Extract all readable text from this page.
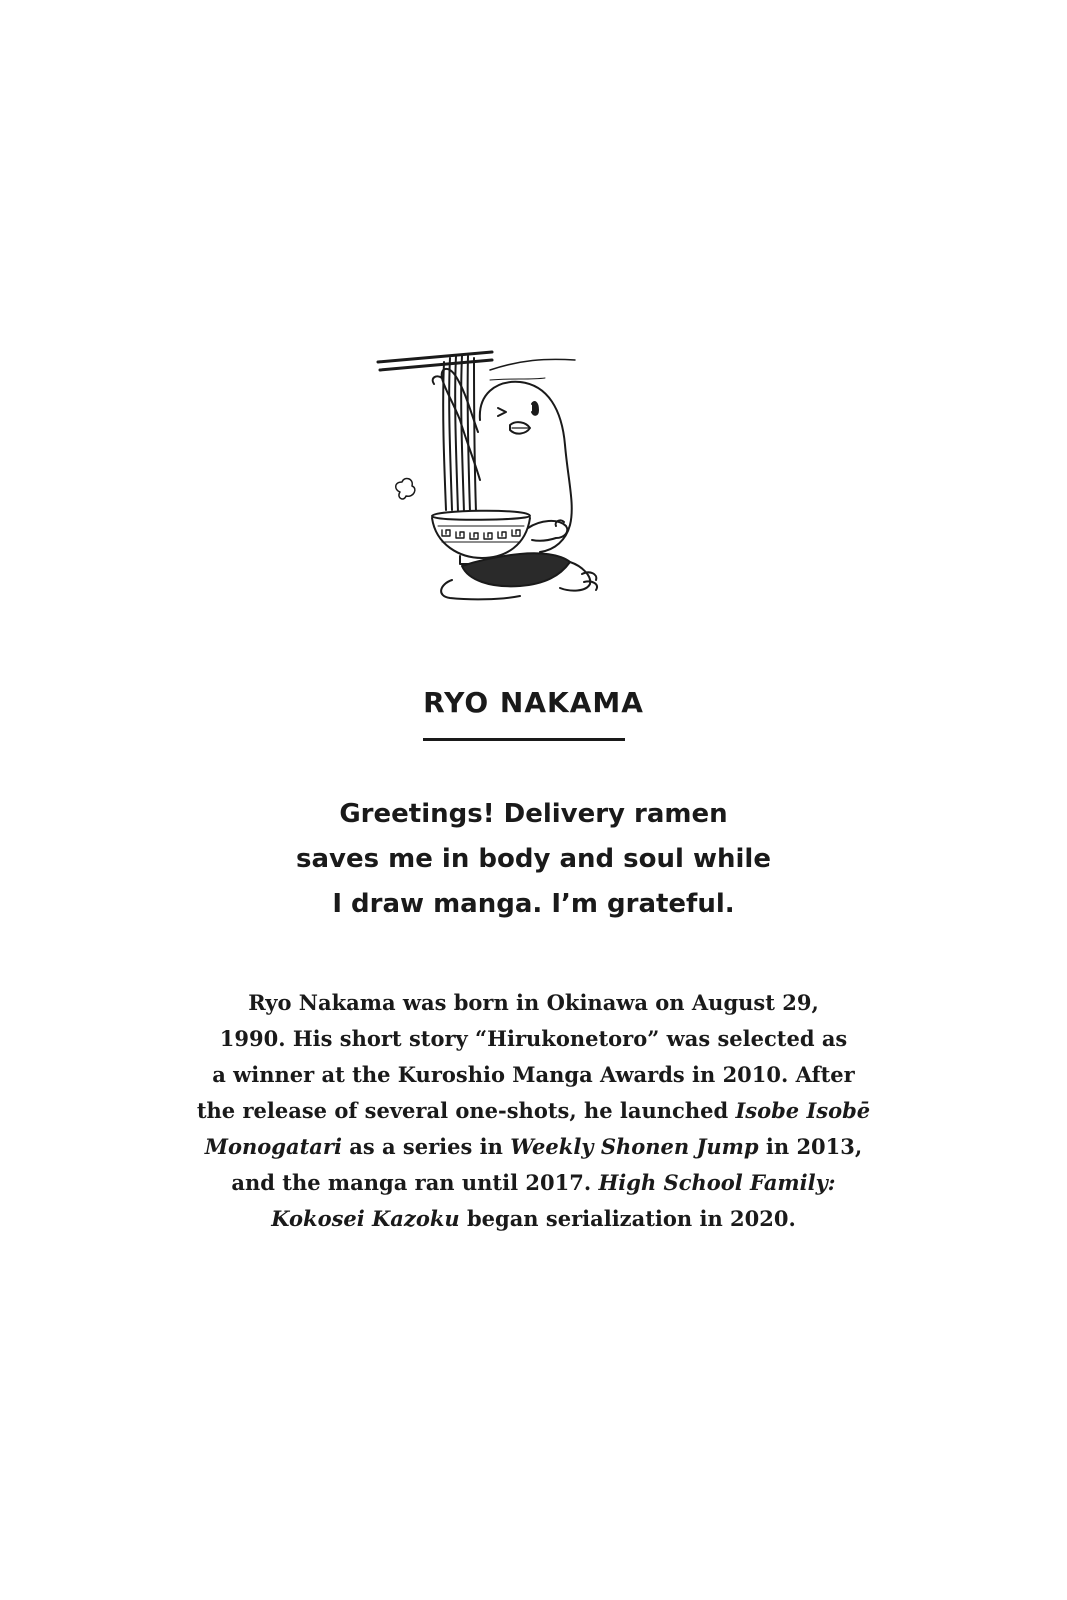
RYO NAKAMA
Greetings! Delivery ramen
saves me in body and soul while
I draw manga. I’m grateful.
Ryo Nakama was born in Okinawa on August 29,
1990. His short story “Hirukonetoro” was selected as
a winner at the Kuroshio Manga Awards in 2010. After
the release of several one-shots, he launched Isobe Isobē
Monogatari as a series in Weekly Shonen Jump in 2013,
and the manga ran until 2017. High School Family:
Kokosei Kazoku began serialization in 2020.
